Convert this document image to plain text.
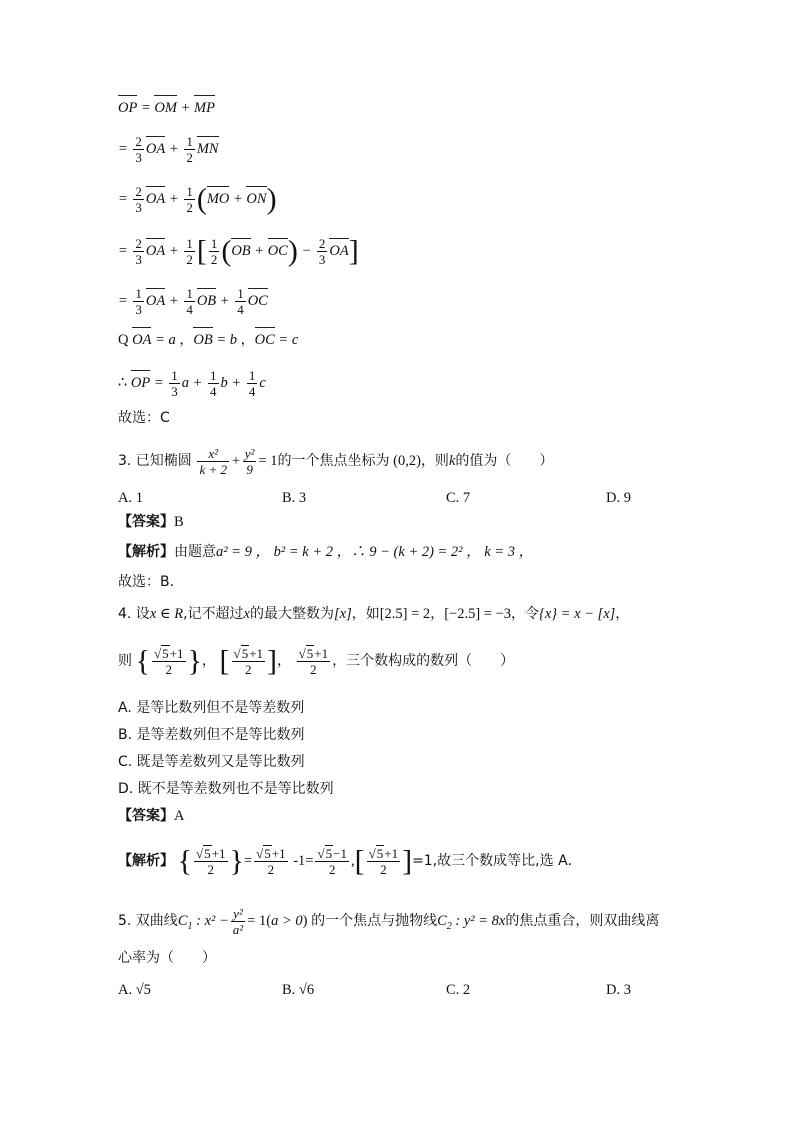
OP = OM + MP
= $\frac{2}{3}$ OA + $\frac{1}{2}$ MN
= $\frac{2}{3}$ OA + $\frac{1}{2} (MO + ON)$
= $\frac{2}{3}$ OA + $\frac{1}{2}$ [ $\frac{1}{2} (OB + OC) - \frac{2}{3} OA$]
= $\frac{1}{3}$ OA + $\frac{1}{4}$ OB + $\frac{1}{4}$ OC
Q OA = a ，OB = b ，OC = c
∴ OP = $\frac{1}{3}$ $a + \frac{1}{4}$ $b + \frac{1}{4}$ c
故选：C
3. 已知椭圆 $\frac{\text{x²}}{k + 2} + \frac{\text{y²}}{9} = 1$的一个焦点坐标为 (0,2)，则k的值为（　　）
A. 1	B. 3	C. 7	D. 9
【答案】B
【解析】由题意a² = 9 ， b² = k + 2 ，∴ 9 − (k + 2) = 2² ， k = 3 ，
故选：B．
4. 设x ∈ R,记不超过x的最大整数为[x]，如[2.5] = 2，[−2.5] = −3，令{x} = x − [x]，
则 { $\frac{√5+1}{2}$ }， [ $\frac{√5+1}{2}$ ]， $\frac{√5+1}{2}$ ，三个数构成的数列（　　）
A. 是等比数列但不是等差数列
B. 是等差数列但不是等比数列
C. 既是等差数列又是等比数列
D. 既不是等差数列也不是等比数列
【答案】A
【解析】 { $\frac{√5+1}{2}$ }= $\frac{√5+1}{2} -1= \frac{√5-1}{2}$ ,[ $\frac{√5+1}{2} ]=1$,故三个数成等比,选 A．
5. 双曲线$C_1$ : $x^2 - \frac{\text{y²}}{\text{a²}} = 1(a > 0)$ 的一个焦点与抛物线$C_2$ : y² = 8x的焦点重合，则双曲线离
心率为（　　）
A. √5	B. √6	C. 2	D. 3
